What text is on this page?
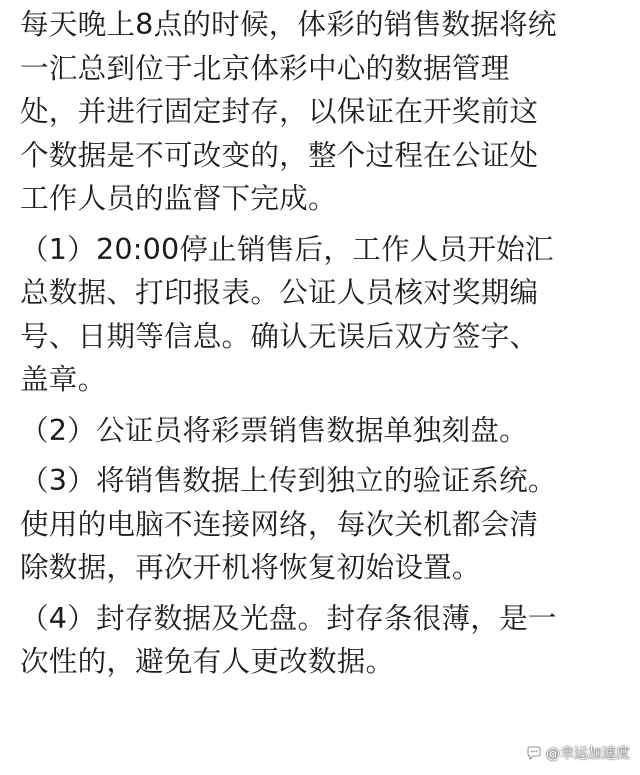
每天晚上8点的时候，体彩的销售数据将统
一汇总到位于北京体彩中心的数据管理
处，并进行固定封存，以保证在开奖前这
个数据是不可改变的，整个过程在公证处
工作人员的监督下完成。

（1）20:00停止销售后，工作人员开始汇
总数据、打印报表。公证人员核对奖期编
号、日期等信息。确认无误后双方签字、
盖章。

（2）公证员将彩票销售数据单独刻盘。

（3）将销售数据上传到独立的验证系统。
使用的电脑不连接网络，每次关机都会清
除数据，再次开机将恢复初始设置。

（4）封存数据及光盘。封存条很薄，是一
次性的，避免有人更改数据。

@幸运加速度
